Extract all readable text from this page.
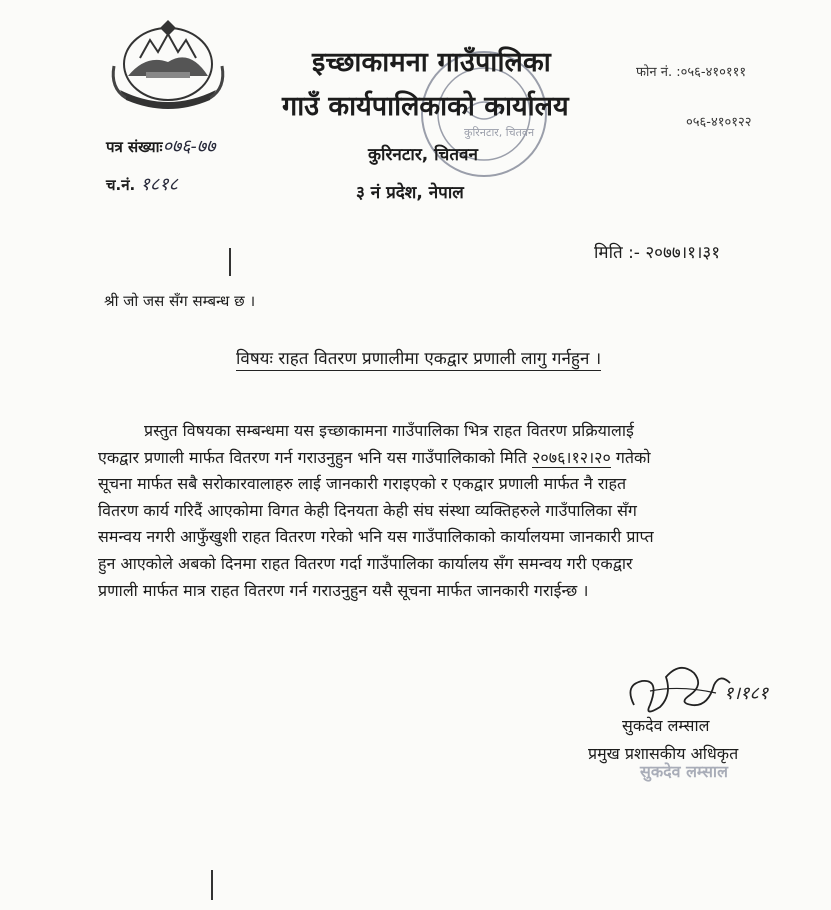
कुरिनटार, चितवन
इच्छाकामना गाउँपालिका
गाउँ कार्यपालिकाको कार्यालय
फोन नं. :०५६-४१०१११
०५६-४१०१२२
पत्र संख्याः०७६-७७
च.नं. १८१८
कुरिनटार, चितवन
३ नं प्रदेश, नेपाल
मिति :- २०७७।१।३१
श्री जो जस सँग सम्बन्ध छ ।
विषयः राहत वितरण प्रणालीमा एकद्वार प्रणाली लागु गर्नहुन ।
प्रस्तुत विषयका सम्बन्धमा यस इच्छाकामना गाउँपालिका भित्र राहत वितरण प्रक्रियालाई
एकद्वार प्रणाली मार्फत वितरण गर्न गराउनुहुन भनि यस गाउँपालिकाको मिति २०७६।१२।२० गतेको
सूचना मार्फत सबै सरोकारवालाहरु लाई जानकारी गराइएको र एकद्वार प्रणाली मार्फत नै राहत
वितरण कार्य गरिदैं आएकोमा विगत केही दिनयता केही संघ संस्था व्यक्तिहरुले गाउँपालिका सँग
समन्वय नगरी आफुँखुशी राहत वितरण गरेको भनि यस गाउँपालिकाको कार्यालयमा जानकारी प्राप्त
हुन आएकोले अबको दिनमा राहत वितरण गर्दा गाउँपालिका कार्यालय सँग समन्वय गरी एकद्वार
प्रणाली मार्फत मात्र राहत वितरण गर्न गराउनुहुन यसै सूचना मार्फत जानकारी गराईन्छ ।
१।१८१
सुकदेव लम्साल
प्रमुख प्रशासकीय अधिकृत
सुकदेव लम्साल
